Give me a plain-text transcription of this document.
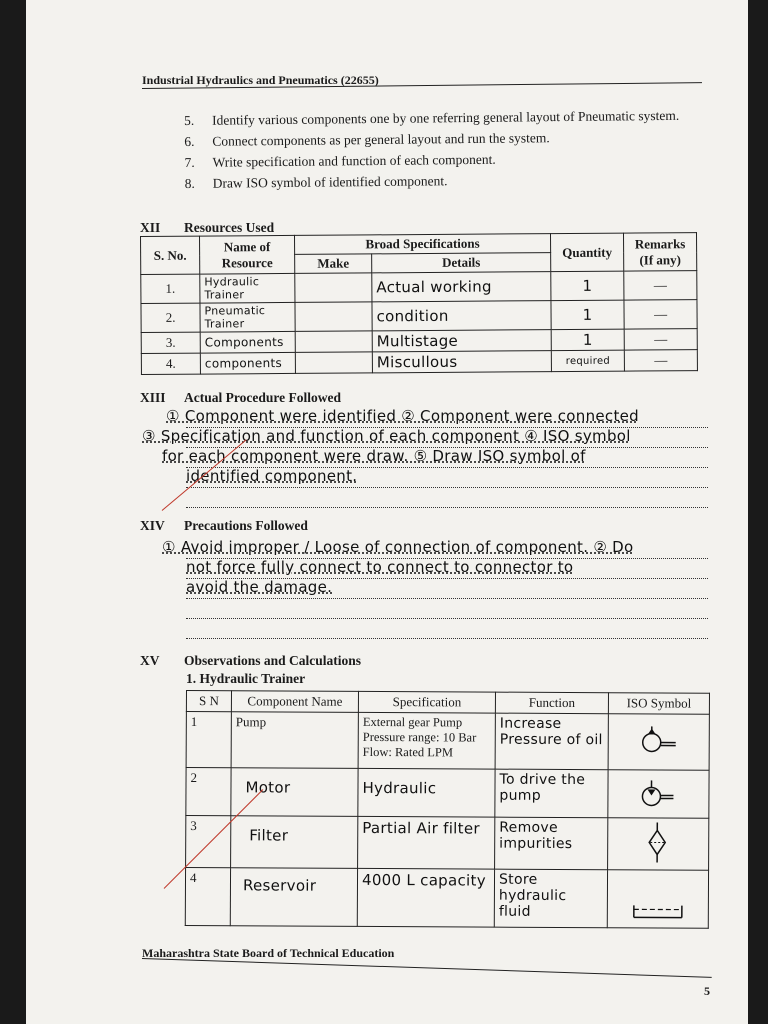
Industrial Hydraulics and Pneumatics (22655)
5.	Identify various components one by one referring general layout of Pneumatic system.
6.	Connect components as per general layout and run the system.
7.	Write specification and function of each component.
8.	Draw ISO symbol of identified component.
XII Resources Used
S. No.	Name of Resource	Broad Specifications		Quantity	Remarks (If any)
		Make	Details		
1.	Hydraulic Trainer		Actual working	1	—
2.	Pneumatic Trainer		condition	1	—
3.	Components		Multistage	1	—
4.	components		Miscullous	required	—
XIII Actual Procedure Followed
① Component were identified ② Component were connected
③ Specification and function of each component ④ ISO symbol
for each component were draw. ⑤ Draw ISO symbol of
identified component.
XIV Precautions Followed
① Avoid improper / Loose of connection of component. ② Do
not force fully connect to connect to connector to
avoid the damage.
XV Observations and Calculations
1. Hydraulic Trainer
S N	Component Name	Specification	Function	ISO Symbol
1	Pump	External gear Pump
Pressure range: 10 Bar
Flow: Rated LPM	Increase Pressure of oil	
2	Motor	Hydraulic	To drive the pump	
3	Filter	Partial Air filter	Remove impurities	
4	Reservoir	4000 L capacity	Store hydraulic fluid	
Maharashtra State Board of Technical Education
5
